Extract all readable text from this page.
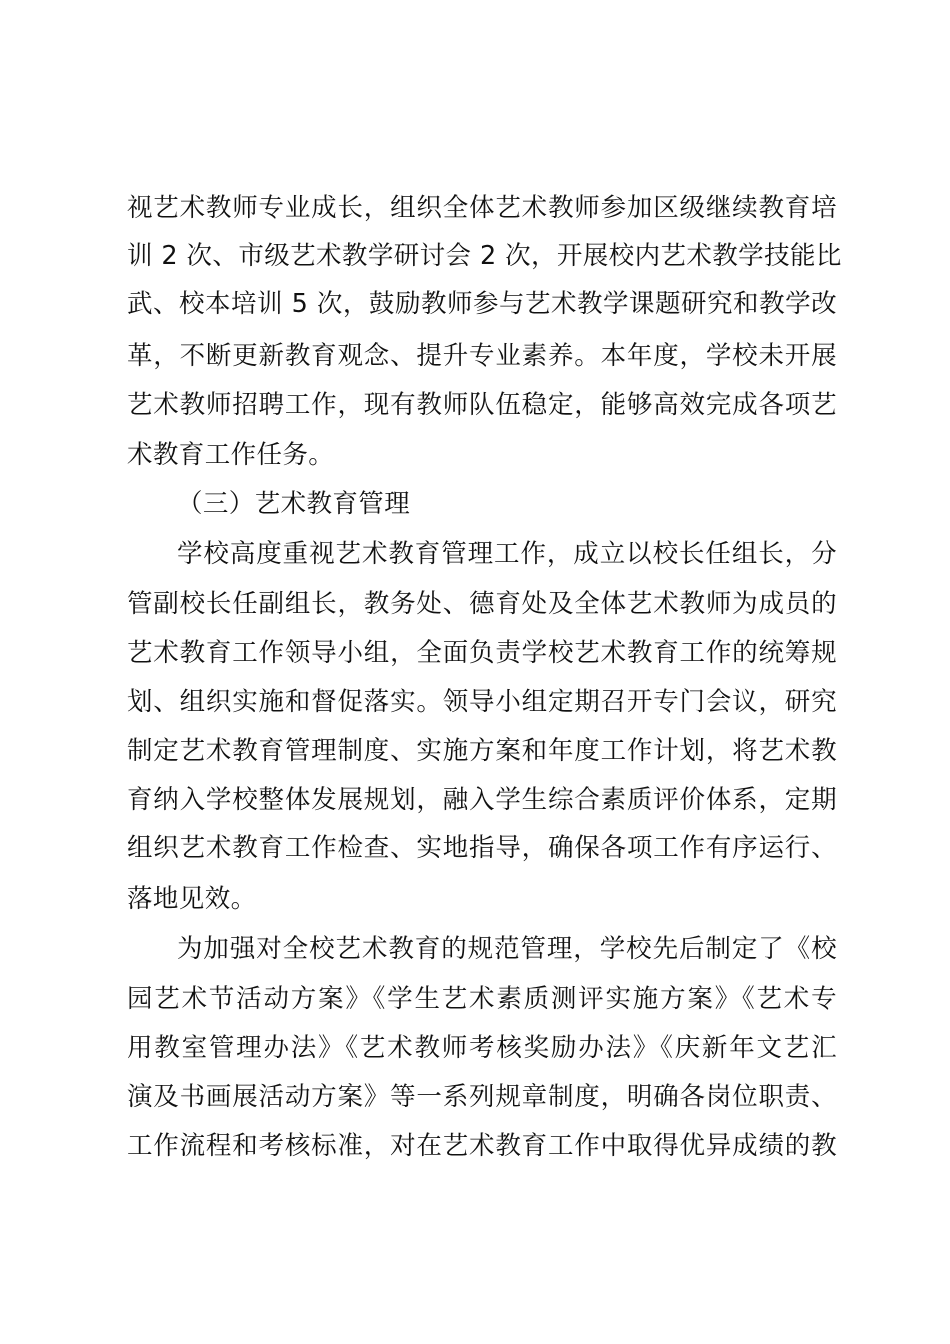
视艺术教师专业成长，组织全体艺术教师参加区级继续教育培
训 2 次、市级艺术教学研讨会 2 次，开展校内艺术教学技能比
武、校本培训 5 次，鼓励教师参与艺术教学课题研究和教学改
革，不断更新教育观念、提升专业素养。本年度，学校未开展
艺术教师招聘工作，现有教师队伍稳定，能够高效完成各项艺
术教育工作任务。
（三）艺术教育管理
学校高度重视艺术教育管理工作，成立以校长任组长，分
管副校长任副组长，教务处、德育处及全体艺术教师为成员的
艺术教育工作领导小组，全面负责学校艺术教育工作的统筹规
划、组织实施和督促落实。领导小组定期召开专门会议，研究
制定艺术教育管理制度、实施方案和年度工作计划，将艺术教
育纳入学校整体发展规划，融入学生综合素质评价体系，定期
组织艺术教育工作检查、实地指导，确保各项工作有序运行、
落地见效。
为加强对全校艺术教育的规范管理，学校先后制定了《校
园艺术节活动方案》《学生艺术素质测评实施方案》《艺术专
用教室管理办法》《艺术教师考核奖励办法》《庆新年文艺汇
演及书画展活动方案》等一系列规章制度，明确各岗位职责、
工作流程和考核标准，对在艺术教育工作中取得优异成绩的教
